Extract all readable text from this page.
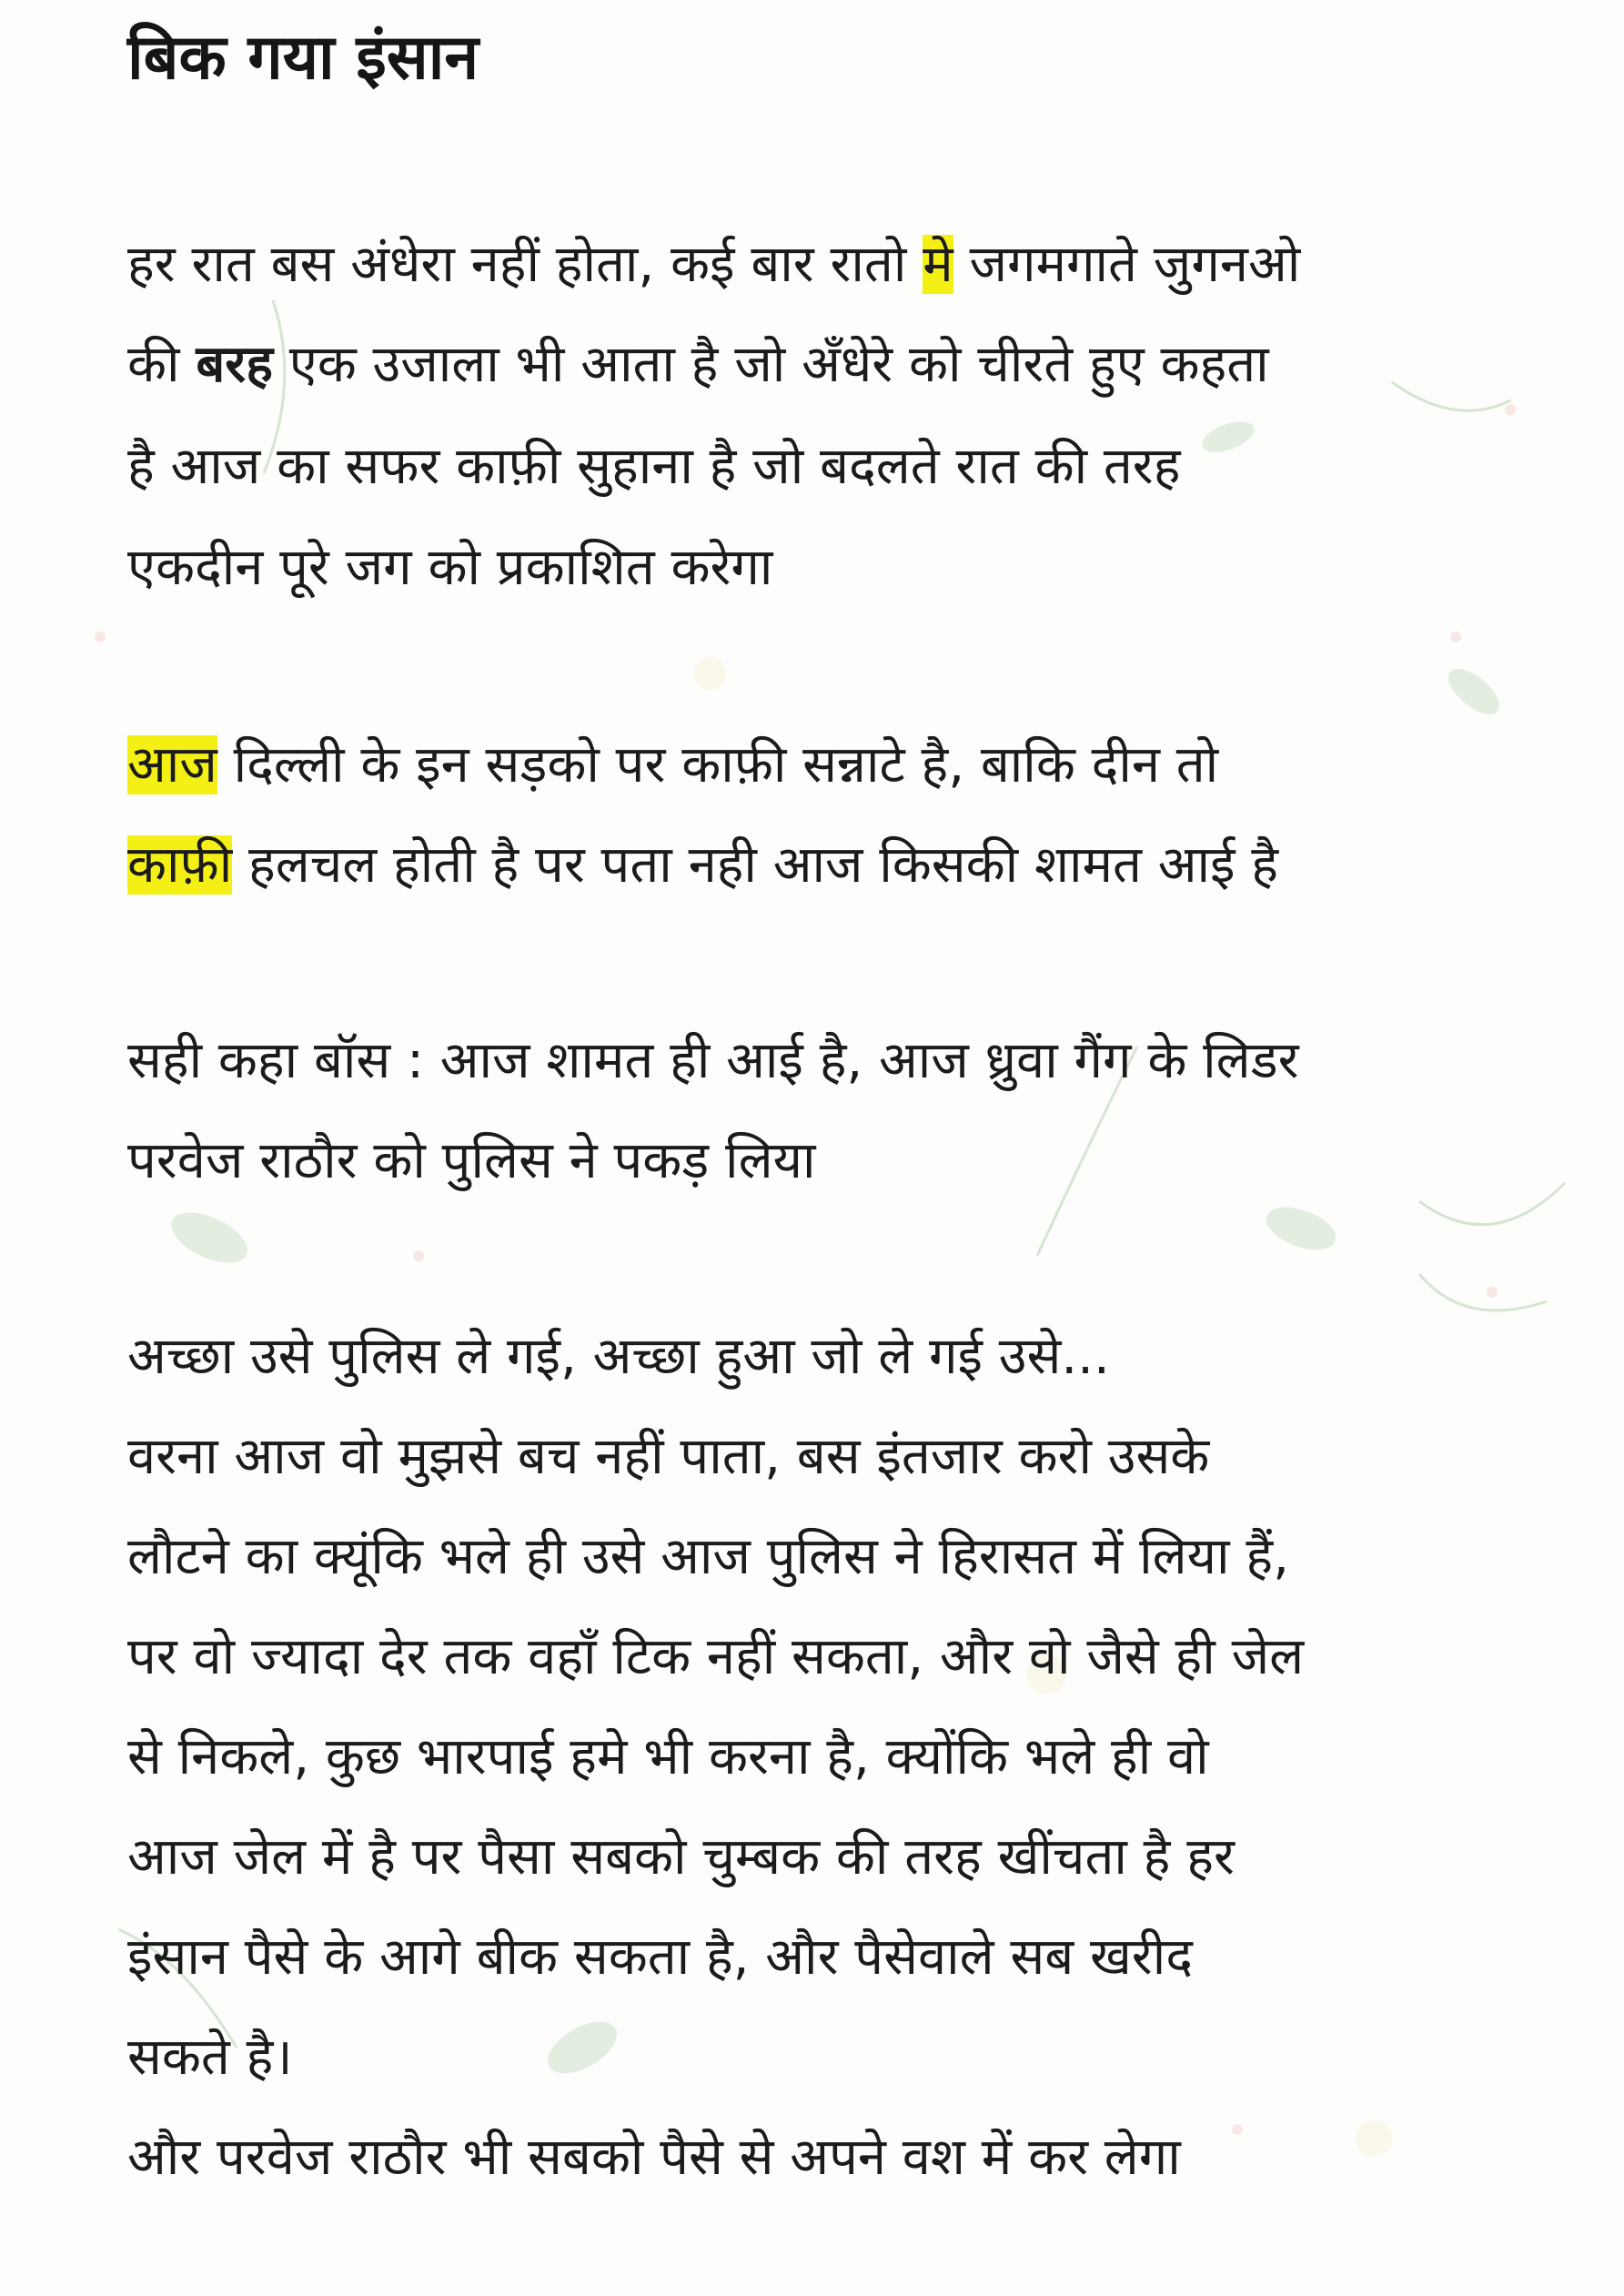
बिक गया इंसान

हर रात बस अंधेरा नहीं होता, कई बार रातो मे जगमगाते जुगनओ

की बरह एक उजाला भी आता है जो अँधेरे को चीरते हुए कहता

है आज का सफर काफ़ी सुहाना है जो बदलते रात की तरह

एकदीन पूरे जग को प्रकाशित करेगा

आज दिल्ली के इन सड़को पर काफ़ी सन्नाटे है, बाकि दीन तो

काफ़ी हलचल होती है पर पता नही आज किसकी शामत आई है

सही कहा बॉस : आज शामत ही आई है, आज ध्रुवा गैंग के लिडर

परवेज राठौर को पुलिस ने पकड़ लिया

अच्छा उसे पुलिस ले गई, अच्छा हुआ जो ले गई उसे...

वरना आज वो मुझसे बच नहीं पाता, बस इंतजार करो उसके

लौटने का क्यूंकि भले ही उसे आज पुलिस ने हिरासत में लिया हैं,

पर वो ज्यादा देर तक वहाँ टिक नहीं सकता, और वो जैसे ही जेल

से निकले, कुछ भारपाई हमे भी करना है, क्योंकि भले ही वो

आज जेल में है पर पैसा सबको चुम्बक की तरह खींचता है हर

इंसान पैसे के आगे बीक सकता है, और पैसेवाले सब खरीद

सकते है।

और परवेज राठौर भी सबको पैसे से अपने वश में कर लेगा
